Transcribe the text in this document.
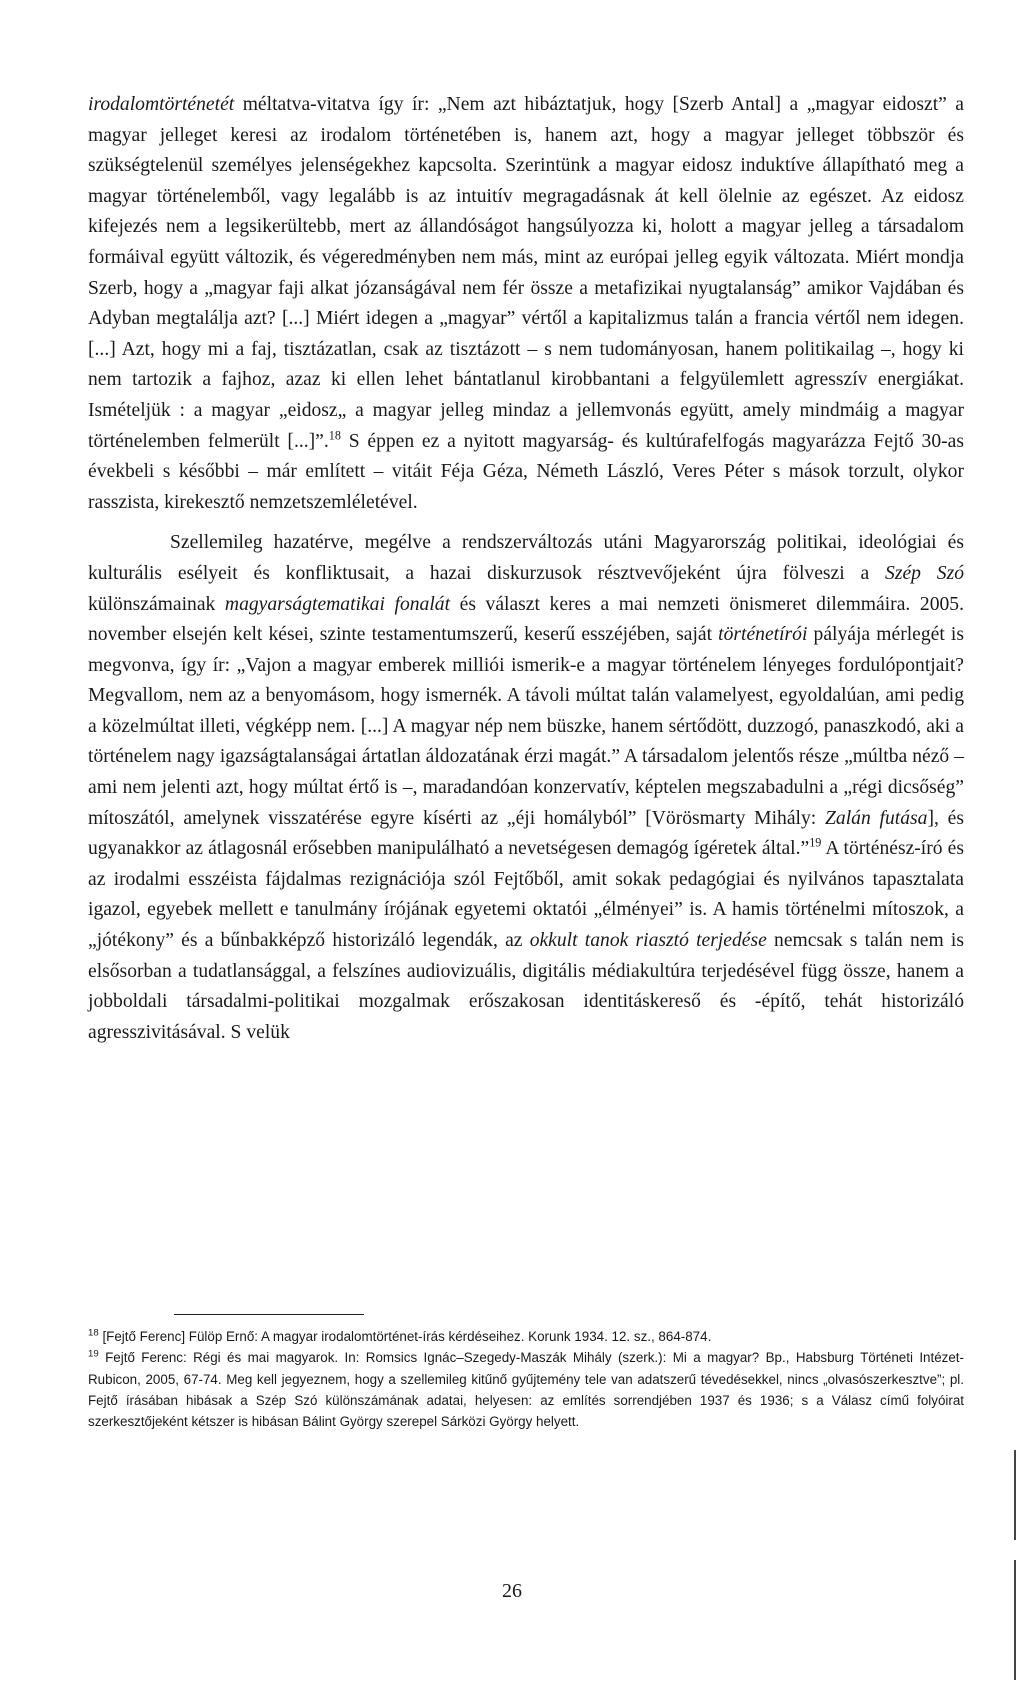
irodalomtörténetét méltatva-vitatva így ír: „Nem azt hibáztatjuk, hogy [Szerb Antal] a „magyar eidoszt” a magyar jelleget keresi az irodalom történetében is, hanem azt, hogy a magyar jelleget többször és szükségtelenül személyes jelenségekhez kapcsolta. Szerintünk a magyar eidosz induktíve állapítható meg a magyar történelemből, vagy legalább is az intuitív megragadásnak át kell ölelnie az egészet. Az eidosz kifejezés nem a legsikerültebb, mert az állandóságot hangsúlyozza ki, holott a magyar jelleg a társadalom formáival együtt változik, és végeredményben nem más, mint az európai jelleg egyik változata. Miért mondja Szerb, hogy a „magyar faji alkat józanságával nem fér össze a metafizikai nyugtalanság” amikor Vajdában és Adyban megtalálja azt? [...] Miért idegen a „magyar” vértől a kapitalizmus talán a francia vértől nem idegen. [...] Azt, hogy mi a faj, tisztázatlan, csak az tisztázott – s nem tudományosan, hanem politikailag –, hogy ki nem tartozik a fajhoz, azaz ki ellen lehet bántatlanul kirobbantani a felgyülemlett agresszív energiákat. Ismételjük : a magyar „eidosz„ a magyar jelleg mindaz a jellemvonás együtt, amely mindmáig a magyar történelemben felmerült [...]”.$^{18}$ S éppen ez a nyitott magyarság- és kultúrafelfogás magyarázza Fejtő 30-as évekbeli s későbbi – már említett – vitáit Féja Géza, Németh László, Veres Péter s mások torzult, olykor rasszista, kirekesztő nemzetszemléletével.

Szellemileg hazatérve, megélve a rendszerváltozás utáni Magyarország politikai, ideológiai és kulturális esélyeit és konfliktusait, a hazai diskurzusok résztvevőjeként újra fölveszi a Szép Szó különszámainak magyarságtematikai fonalát és választ keres a mai nemzeti önismeret dilemmáira. 2005. november elsején kelt kései, szinte testamentumszerű, keserű esszéjében, saját történetírói pályája mérlegét is megvonva, így ír: „Vajon a magyar emberek milliói ismerik-e a magyar történelem lényeges fordulópontjait? Megvallom, nem az a benyomásom, hogy ismernék. A távoli múltat talán valamelyest, egyoldalúan, ami pedig a közelmúltat illeti, végképp nem. [...] A magyar nép nem büszke, hanem sértődött, duzzogó, panaszkodó, aki a történelem nagy igazságtalanságai ártatlan áldozatának érzi magát.” A társadalom jelentős része „múltba néző – ami nem jelenti azt, hogy múltat értő is –, maradandóan konzervatív, képtelen megszabadulni a „régi dicsőség” mítoszától, amelynek visszatérése egyre kísérti az „éji homályból” [Vörösmarty Mihály: Zalán futása], és ugyanakkor az átlagosnál erősebben manipulálható a nevetségesen demagóg ígéretek által.”$^{19}$ A történész-író és az irodalmi esszéista fájdalmas rezignációja szól Fejtőből, amit sokak pedagógiai és nyilvános tapasztalata igazol, egyebek mellett e tanulmány írójának egyetemi oktatói „élményei” is. A hamis történelmi mítoszok, a „jótékony” és a bűnbakképző historizáló legendák, az okkult tanok riasztó terjedése nemcsak s talán nem is elsősorban a tudatlansággal, a felszínes audiovizuális, digitális médiakultúra terjedésével függ össze, hanem a jobboldali társadalmi-politikai mozgalmak erőszakosan identitáskereső és -építő, tehát historizáló agresszivitásával. S velük

$^{18}$ [Fejtő Ferenc] Fülöp Ernő: A magyar irodalomtörténet-írás kérdéseihez. Korunk 1934. 12. sz., 864-874.

$^{19}$ Fejtő Ferenc: Régi és mai magyarok. In: Romsics Ignác–Szegedy-Maszák Mihály (szerk.): Mi a magyar? Bp., Habsburg Történeti Intézet-Rubicon, 2005, 67-74. Meg kell jegyeznem, hogy a szellemileg kitűnő gyűjtemény tele van adatszerű tévedésekkel, nincs „olvasószerkesztve”; pl. Fejtő írásában hibásak a Szép Szó különszámának adatai, helyesen: az említés sorrendjében 1937 és 1936; s a Válasz című folyóirat szerkesztőjeként kétszer is hibásan Bálint György szerepel Sárközi György helyett.

26
